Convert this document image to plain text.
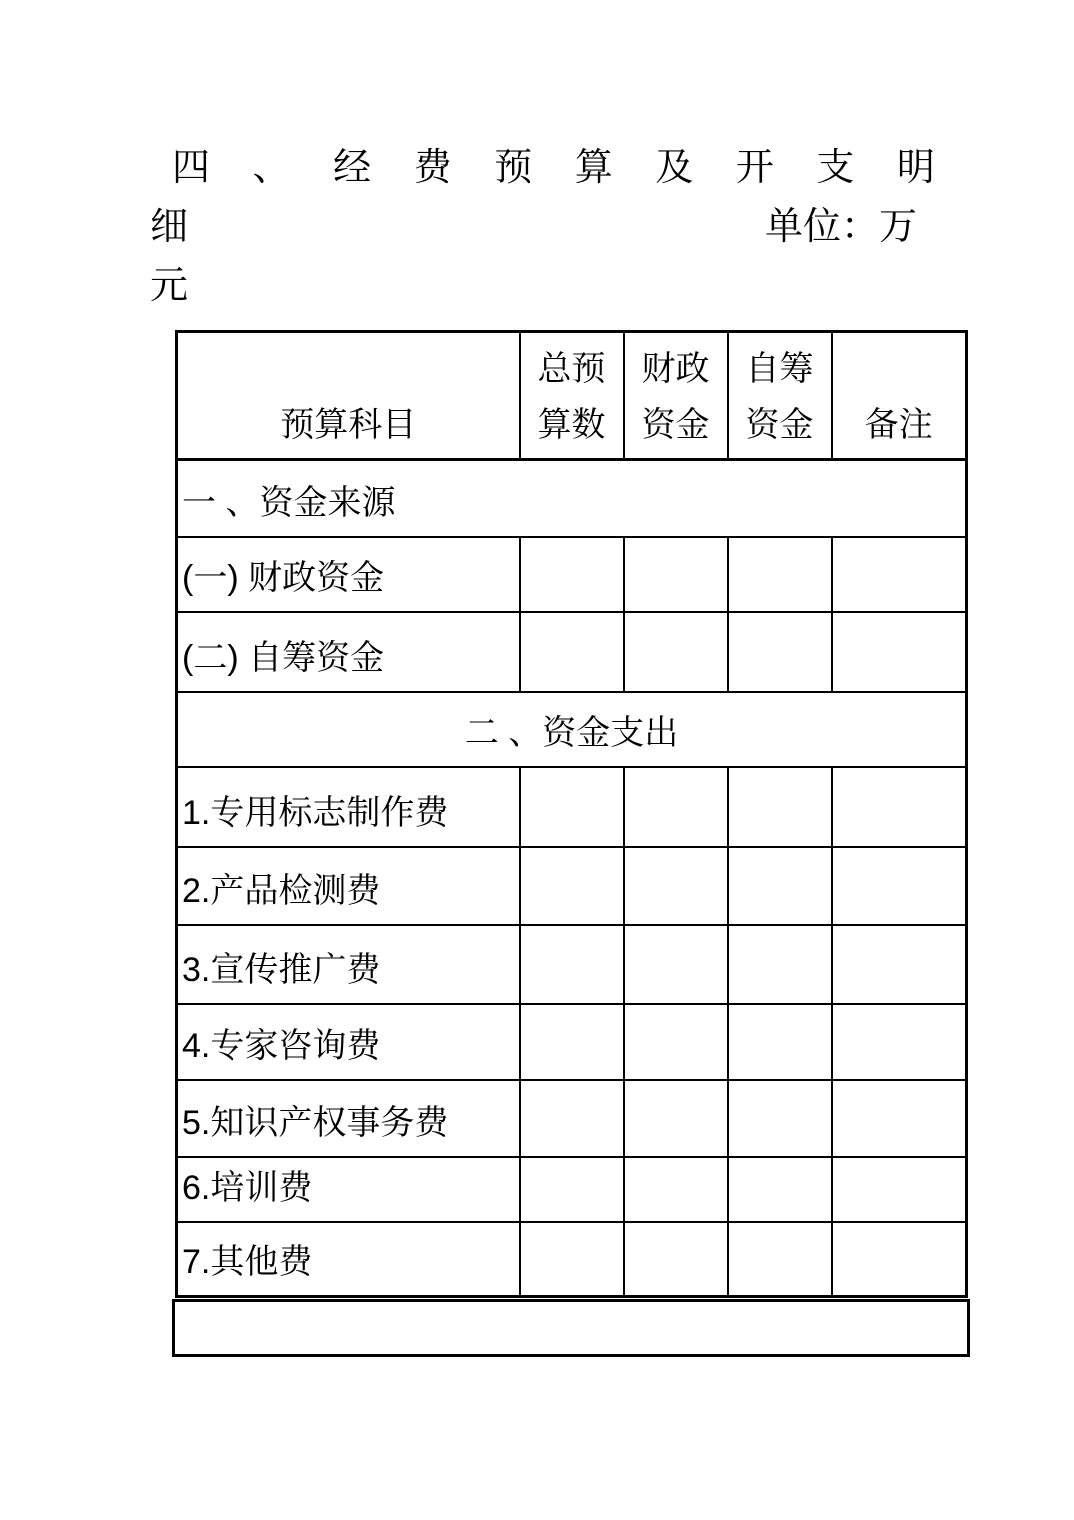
四 、 经 费 预 算 及 开 支 明
细	单位：万
元
预算科目	总预算数	财政资金	自筹资金	备注
一 、资金来源				
(一) 财政资金				
(二) 自筹资金				
二 、资金支出				
1.专用标志制作费				
2.产品检测费				
3.宣传推广费				
4.专家咨询费				
5.知识产权事务费				
6.培训费				
7.其他费				
